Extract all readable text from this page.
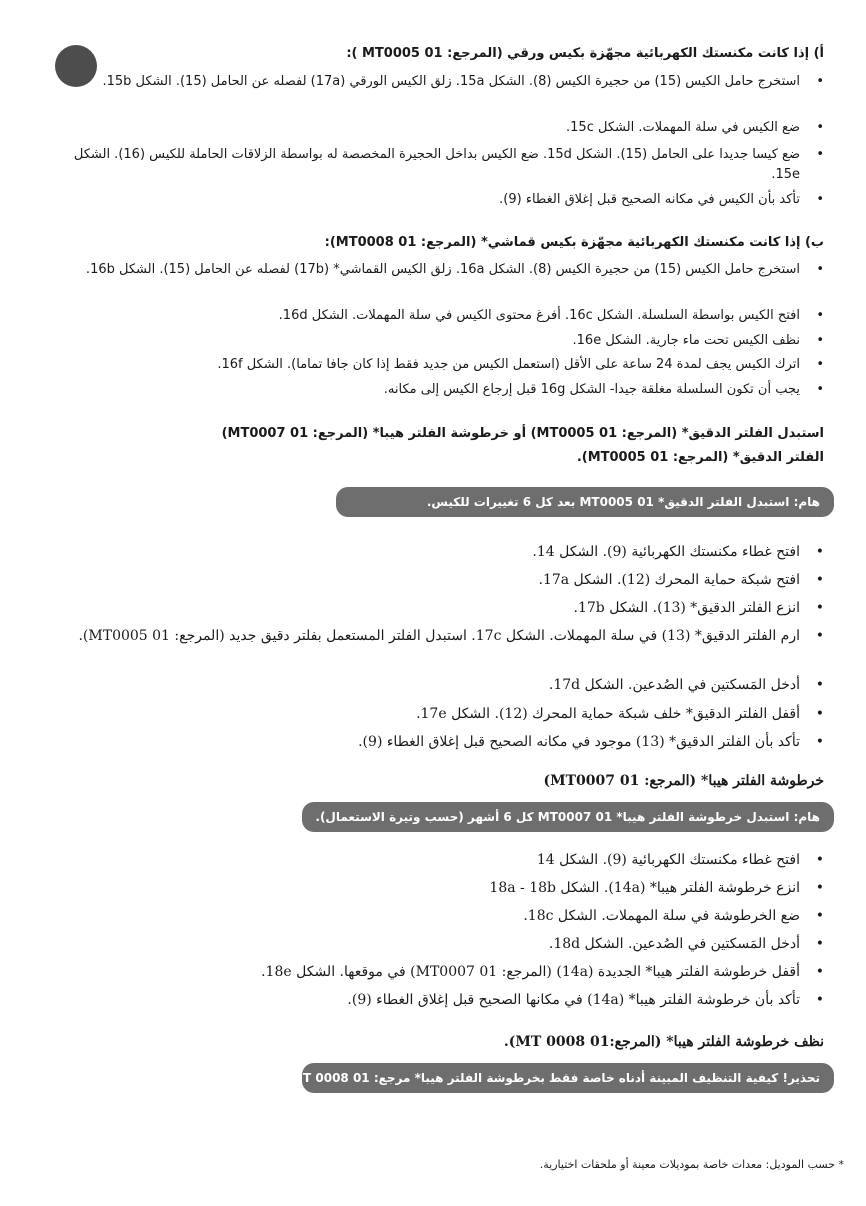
أ) إذا كانت مكنستك الكهربائية مجهّزة بكيس ورقي (المرجع: MT0005 01 ):
•
استخرج حامل الكيس (15) من حجيرة الكيس (8). الشكل 15a. زلق الكيس الورقي (17a) لفصله عن الحامل (15). الشكل 15b.
•
ضع الكيس في سلة المهملات. الشكل 15c.
•
ضع كيسا جديدا على الحامل (15). الشكل 15d. ضع الكيس بداخل الحجيرة المخصصة له بواسطة الزلاقات الحاملة للكيس (16). الشكل 15e.
•
تأكد بأن الكيس في مكانه الصحيح قبل إغلاق الغطاء (9).
ب) إذا كانت مكنستك الكهربائية مجهّزة بكيس قماشي* (المرجع: MT0008 01):
•
استخرج حامل الكيس (15) من حجيرة الكيس (8). الشكل 16a. زلق الكيس القماشي* (17b) لفصله عن الحامل (15). الشكل 16b.
•
افتح الكيس بواسطة السلسلة. الشكل 16c. أفرغ محتوى الكيس في سلة المهملات. الشكل 16d.
•
نظف الكيس تحت ماء جارية. الشكل 16e.
•
اترك الكيس يجف لمدة 24 ساعة على الأقل (استعمل الكيس من جديد فقط إذا كان جافا تماما). الشكل 16f.
•
يجب أن تكون السلسلة مغلقة جيدا- الشكل 16g قبل إرجاع الكيس إلى مكانه.
استبدل الفلتر الدقيق* (المرجع: MT0005 01) أو خرطوشة الفلتر هيبا* (المرجع: MT0007 01)
الفلتر الدقيق* (المرجع: MT0005 01).
هام: استبدل الفلتر الدقيق* MT0005 01 بعد كل 6 تغييرات للكيس.
•
افتح غطاء مكنستك الكهربائية (9). الشكل 14.
•
افتح شبكة حماية المحرك (12). الشكل 17a.
•
انزع الفلتر الدقيق* (13). الشكل 17b.
•
ارم الفلتر الدقيق* (13) في سلة المهملات. الشكل 17c. استبدل الفلتر المستعمل بفلتر دقيق جديد (المرجع: MT0005 01).
•
أدخل المَسكتين في الصُدعين. الشكل 17d.
•
أقفل الفلتر الدقيق* خلف شبكة حماية المحرك (12). الشكل 17e.
•
تأكد بأن الفلتر الدقيق* (13) موجود في مكانه الصحيح قبل إغلاق الغطاء (9).
خرطوشة الفلتر هيبا* (المرجع: MT0007 01)
هام: استبدل خرطوشة الفلتر هيبا* MT0007 01 كل 6 أشهر (حسب وتيرة الاستعمال).
•
افتح غطاء مكنستك الكهربائية (9). الشكل 14
•
انزع خرطوشة الفلتر هيبا* (14a). الشكل 18a - 18b
•
ضع الخرطوشة في سلة المهملات. الشكل 18c.
•
أدخل المَسكتين في الصُدعين. الشكل 18d.
•
أقفل خرطوشة الفلتر هيبا* الجديدة (14a) (المرجع: MT0007 01) في موقعها. الشكل 18e.
•
تأكد بأن خرطوشة الفلتر هيبا* (14a) في مكانها الصحيح قبل إغلاق الغطاء (9).
نظف خرطوشة الفلتر هيبا* (المرجع:01 MT 0008).
تحذير! كيفية التنظيف المبينة أدناه خاصة فقط بخرطوشة الفلتر هيبا* مرجع: MT 0008 01.
* حسب الموديل: معدات خاصة بموديلات معينة أو ملحقات اختيارية.
